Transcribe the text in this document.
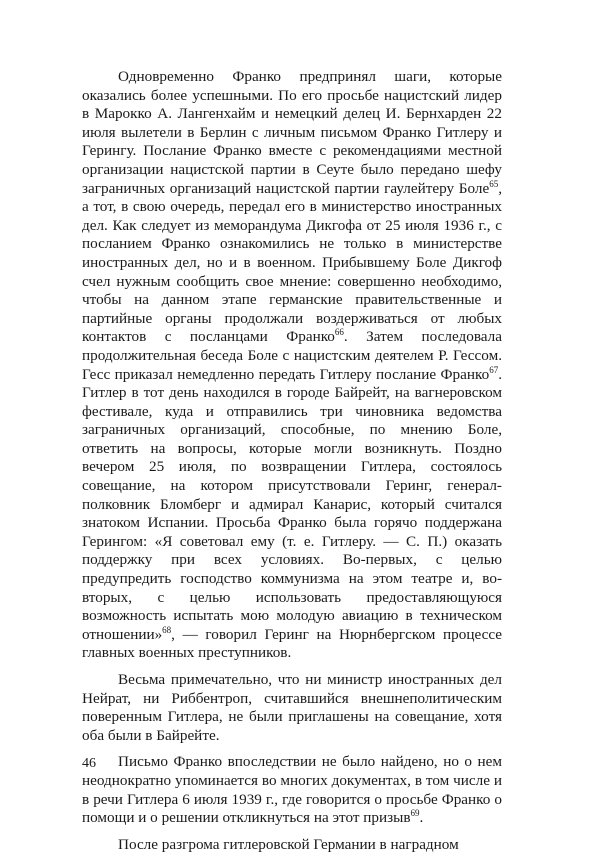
Одновременно Франко предпринял шаги, которые оказались более успешными. По его просьбе нацистский лидер в Марокко А. Лангенхайм и немецкий делец И. Бернхарден 22 июля вылетели в Берлин с личным письмом Франко Гитлеру и Герингу. Послание Франко вместе с рекомендациями местной организации нацистской партии в Сеуте было передано шефу заграничных организаций нацистской партии гаулейтеру Боле$^{65}$, а тот, в свою очередь, передал его в министерство иностранных дел. Как следует из меморандума Дикгофа от 25 июля 1936 г., с посланием Франко ознакомились не только в министерстве иностранных дел, но и в военном. Прибывшему Боле Дикгоф счел нужным сообщить свое мнение: совершенно необходимо, чтобы на данном этапе германские правительственные и партийные органы продолжали воздерживаться от любых контактов с посланцами Франко$^{66}$. Затем последовала продолжительная беседа Боле с нацистским деятелем Р. Гессом. Гесс приказал немедленно передать Гитлеру послание Франко$^{67}$. Гитлер в тот день находился в городе Байрейт, на вагнеровском фестивале, куда и отправились три чиновника ведомства заграничных организаций, способные, по мнению Боле, ответить на вопросы, которые могли возникнуть. Поздно вечером 25 июля, по возвращении Гитлера, состоялось совещание, на котором присутствовали Геринг, генерал-полковник Бломберг и адмирал Канарис, который считался знатоком Испании. Просьба Франко была горячо поддержана Герингом: «Я советовал ему (т. е. Гитлеру. — С. П.) оказать поддержку при всех условиях. Во-первых, с целью предупредить господство коммунизма на этом театре и, во-вторых, с целью использовать предоставляющуюся возможность испытать мою молодую авиацию в техническом отношении»$^{68}$, — говорил Геринг на Нюрнбергском процессе главных военных преступников.

Весьма примечательно, что ни министр иностранных дел Нейрат, ни Риббентроп, считавшийся внешнеполитическим поверенным Гитлера, не были приглашены на совещание, хотя оба были в Байрейте.

Письмо Франко впоследствии не было найдено, но о нем неоднократно упоминается во многих документах, в том числе и в речи Гитлера 6 июля 1939 г., где говорится о просьбе Франко о помощи и о решении откликнуться на этот призыв$^{69}$.

После разгрома гитлеровской Германии в наградном

46
